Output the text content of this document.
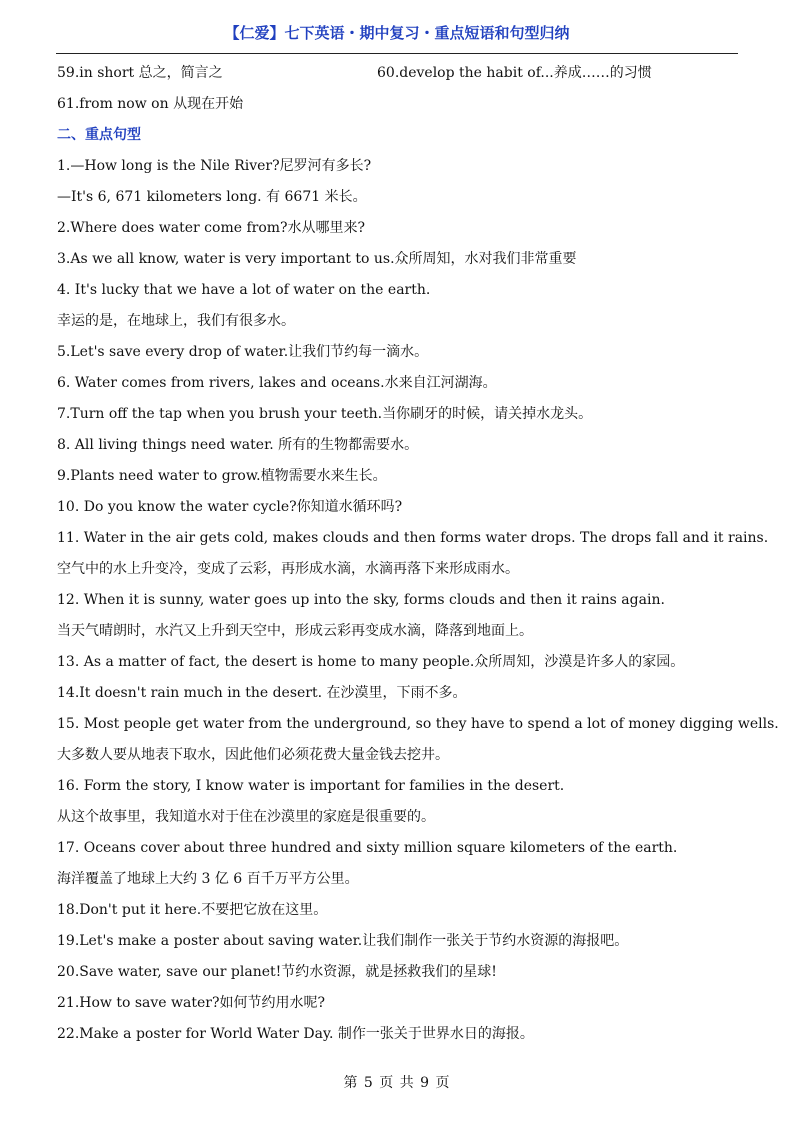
【仁爱】七下英语・期中复习・重点短语和句型归纳
59.in short 总之，简言之	60.develop the habit of...养成……的习惯
61.from now on 从现在开始
二、重点句型
1.—How long is the Nile River?尼罗河有多长?
—It's 6, 671 kilometers long. 有 6671 米长。
2.Where does water come from?水从哪里来?
3.As we all know, water is very important to us.众所周知，水对我们非常重要
4. It's lucky that we have a lot of water on the earth.
幸运的是，在地球上，我们有很多水。
5.Let's save every drop of water.让我们节约每一滴水。
6. Water comes from rivers, lakes and oceans.水来自江河湖海。
7.Turn off the tap when you brush your teeth.当你刷牙的时候，请关掉水龙头。
8. All living things need water. 所有的生物都需要水。
9.Plants need water to grow.植物需要水来生长。
10. Do you know the water cycle?你知道水循环吗?
11. Water in the air gets cold, makes clouds and then forms water drops. The drops fall and it rains.
空气中的水上升变冷，变成了云彩，再形成水滴，水滴再落下来形成雨水。
12. When it is sunny, water goes up into the sky, forms clouds and then it rains again.
当天气晴朗时，水汽又上升到天空中，形成云彩再变成水滴，降落到地面上。
13. As a matter of fact, the desert is home to many people.众所周知，沙漠是许多人的家园。
14.It doesn't rain much in the desert. 在沙漠里，下雨不多。
15. Most people get water from the underground, so they have to spend a lot of money digging wells.
大多数人要从地表下取水，因此他们必须花费大量金钱去挖井。
16. Form the story, I know water is important for families in the desert.
从这个故事里，我知道水对于住在沙漠里的家庭是很重要的。
17. Oceans cover about three hundred and sixty million square kilometers of the earth.
海洋覆盖了地球上大约 3 亿 6 百千万平方公里。
18.Don't put it here.不要把它放在这里。
19.Let's make a poster about saving water.让我们制作一张关于节约水资源的海报吧。
20.Save water, save our planet!节约水资源，就是拯救我们的星球!
21.How to save water?如何节约用水呢?
22.Make a poster for World Water Day. 制作一张关于世界水日的海报。
第 5 页 共 9 页
